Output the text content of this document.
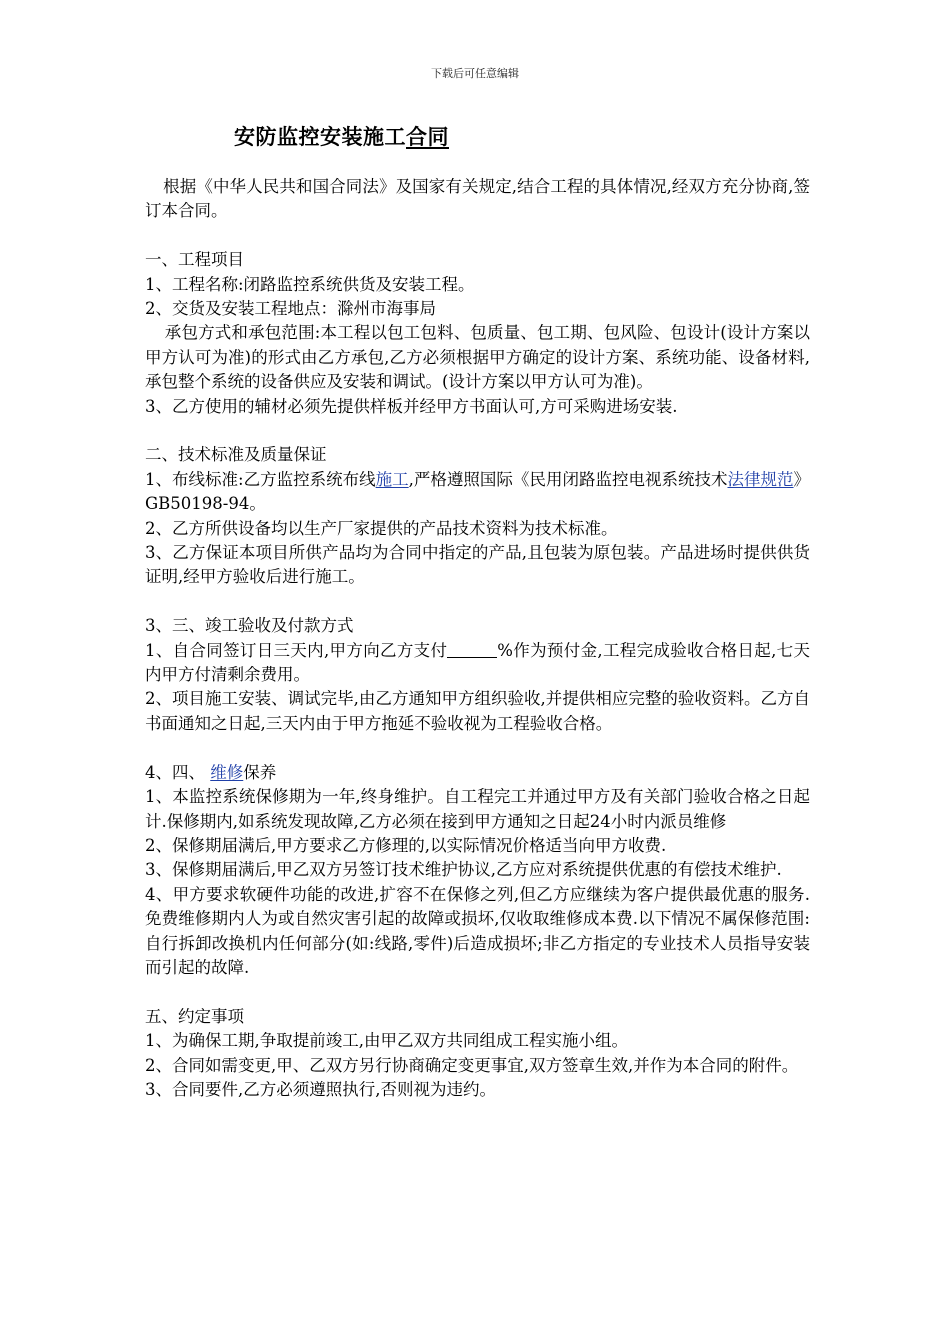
下载后可任意编辑
安防监控安装施工合同

根据《中华人民共和国合同法》及国家有关规定,结合工程的具体情况,经双方充分协商,签订本合同。

一、工程项目

1、工程名称:闭路监控系统供货及安装工程。

2、交货及安装工程地点：滁州市海事局

承包方式和承包范围:本工程以包工包料、包质量、包工期、包风险、包设计(设计方案以甲方认可为准)的形式由乙方承包,乙方必须根据甲方确定的设计方案、系统功能、设备材料,承包整个系统的设备供应及安装和调试。(设计方案以甲方认可为准)。

3、乙方使用的辅材必须先提供样板并经甲方书面认可,方可采购进场安装.

二、技术标准及质量保证

1、布线标准:乙方监控系统布线施工,严格遵照国际《民用闭路监控电视系统技术法律规范》GB50198-94。

2、乙方所供设备均以生产厂家提供的产品技术资料为技术标准。

3、乙方保证本项目所供产品均为合同中指定的产品,且包装为原包装。产品进场时提供供货证明,经甲方验收后进行施工。

3、三、竣工验收及付款方式

1、自合同签订日三天内,甲方向乙方支付	%作为预付金,工程完成验收合格日起,七天内甲方付清剩余费用。

2、项目施工安装、调试完毕,由乙方通知甲方组织验收,并提供相应完整的验收资料。乙方自书面通知之日起,三天内由于甲方拖延不验收视为工程验收合格。

4、四、 维修保养

1、本监控系统保修期为一年,终身维护。自工程完工并通过甲方及有关部门验收合格之日起计.保修期内,如系统发现故障,乙方必须在接到甲方通知之日起24小时内派员维修

2、保修期届满后,甲方要求乙方修理的,以实际情况价格适当向甲方收费.

3、保修期届满后,甲乙双方另签订技术维护协议,乙方应对系统提供优惠的有偿技术维护.

4、甲方要求软硬件功能的改进,扩容不在保修之列,但乙方应继续为客户提供最优惠的服务.免费维修期内人为或自然灾害引起的故障或损坏,仅收取维修成本费.以下情况不属保修范围:自行拆卸改换机内任何部分(如:线路,零件)后造成损坏;非乙方指定的专业技术人员指导安装而引起的故障.

五、约定事项

1、为确保工期,争取提前竣工,由甲乙双方共同组成工程实施小组。

2、合同如需变更,甲、乙双方另行协商确定变更事宜,双方签章生效,并作为本合同的附件。

3、合同要件,乙方必须遵照执行,否则视为违约。
